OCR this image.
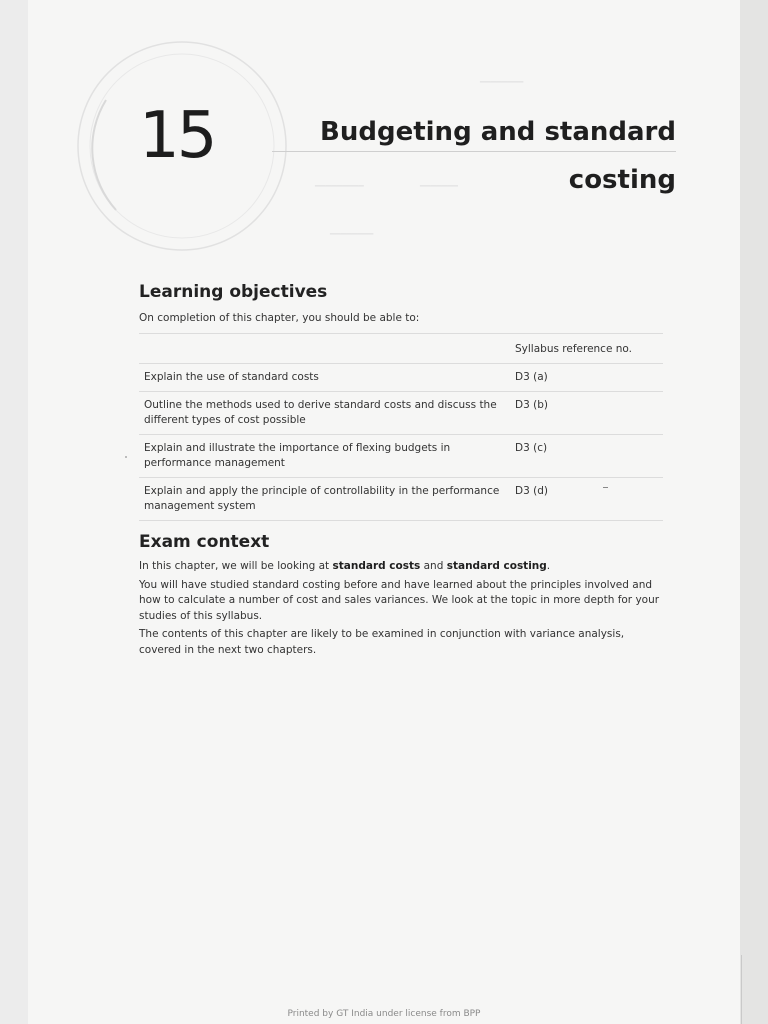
────────
─────────	───────
────────
15	Budgeting and standard
costing
Learning objectives
On completion of this chapter, you should be able to:
	Syllabus reference no.
Explain the use of standard costs	D3 (a)
Outline the methods used to derive standard costs and discuss the different types of cost possible	D3 (b)
Explain and illustrate the importance of flexing budgets in performance management	D3 (c)
Explain and apply the principle of controllability in the performance management system	D3 (d)
Exam context

In this chapter, we will be looking at standard costs and standard costing.

You will have studied standard costing before and have learned about the principles involved and how to calculate a number of cost and sales variances. We look at the topic in more depth for your studies of this syllabus.

The contents of this chapter are likely to be examined in conjunction with variance analysis, covered in the next two chapters.

Printed by GT India under license from BPP
